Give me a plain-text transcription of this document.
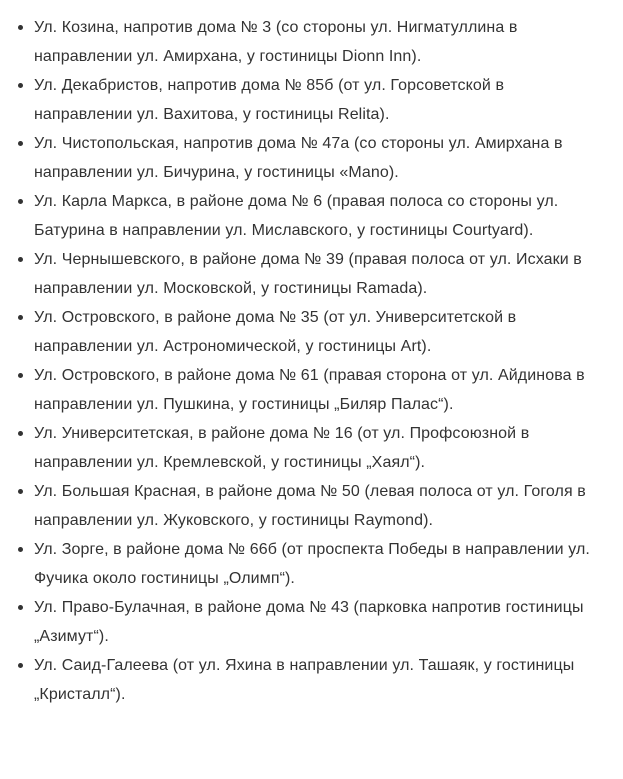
Ул. Козина, напротив дома № 3 (со стороны ул. Нигматуллина в направлении ул. Амирхана, у гостиницы Dionn Inn).
Ул. Декабристов, напротив дома № 85б (от ул. Горсоветской в направлении ул. Вахитова, у гостиницы Relita).
Ул. Чистопольская, напротив дома № 47а (со стороны ул. Амирхана в направлении ул. Бичурина, у гостиницы «Mano).
Ул. Карла Маркса, в районе дома № 6 (правая полоса со стороны ул. Батурина в направлении ул. Миславского, у гостиницы Courtyard).
Ул. Чернышевского, в районе дома № 39 (правая полоса от ул. Исхаки в направлении ул. Московской, у гостиницы Ramada).
Ул. Островского, в районе дома № 35 (от ул. Университетской в направлении ул. Астрономической, у гостиницы Art).
Ул. Островского, в районе дома № 61 (правая сторона от ул. Айдинова в направлении ул. Пушкина, у гостиницы „Биляр Палас“).
Ул. Университетская, в районе дома № 16 (от ул. Профсоюзной в направлении ул. Кремлевской, у гостиницы „Хаял“).
Ул. Большая Красная, в районе дома № 50 (левая полоса от ул. Гоголя в направлении ул. Жуковского, у гостиницы Raymond).
Ул. Зорге, в районе дома № 66б (от проспекта Победы в направлении ул. Фучика около гостиницы „Олимп“).
Ул. Право-Булачная, в районе дома № 43 (парковка напротив гостиницы „Азимут“).
Ул. Саид-Галеева (от ул. Яхина в направлении ул. Ташаяк, у гостиницы „Кристалл“).
